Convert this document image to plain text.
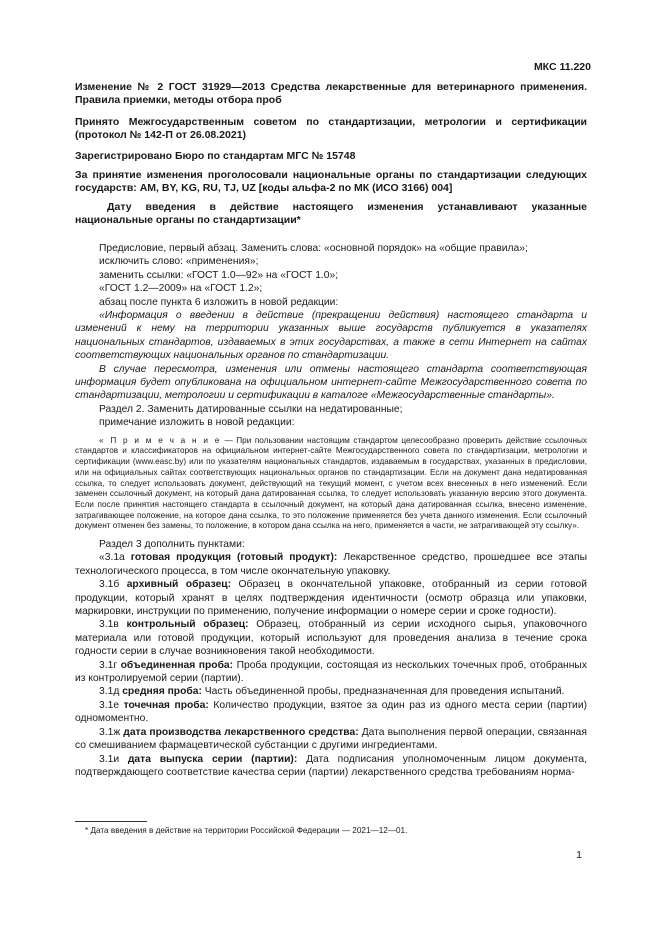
МКС 11.220

Изменение № 2 ГОСТ 31929—2013 Средства лекарственные для ветеринарного применения. Правила приемки, методы отбора проб

Принято Межгосударственным советом по стандартизации, метрологии и сертификации (протокол № 142-П от 26.08.2021)

Зарегистрировано Бюро по стандартам МГС № 15748

За принятие изменения проголосовали национальные органы по стандартизации следующих государств: AM, BY, KG, RU, TJ, UZ [коды альфа-2 по МК (ИСО 3166) 004]

Дату введения в действие настоящего изменения устанавливают указанные национальные органы по стандартизации*

Предисловие, первый абзац. Заменить слова: «основной порядок» на «общие правила»;

исключить слово: «применения»;

заменить ссылки: «ГОСТ 1.0—92» на «ГОСТ 1.0»;

«ГОСТ 1.2—2009» на «ГОСТ 1.2»;

абзац после пункта 6 изложить в новой редакции:

«Информация о введении в действие (прекращении действия) настоящего стандарта и изменений к нему на территории указанных выше государств публикуется в указателях национальных стандартов, издаваемых в этих государствах, а также в сети Интернет на сайтах соответствующих национальных органов по стандартизации.

В случае пересмотра, изменения или отмены настоящего стандарта соответствующая информация будет опубликована на официальном интернет-сайте Межгосударственного совета по стандартизации, метрологии и сертификации в каталоге «Межгосударственные стандарты».

Раздел 2. Заменить датированные ссылки на недатированные;

примечание изложить в новой редакции:

« П р и м е ч а н и е — При пользовании настоящим стандартом целесообразно проверить действие ссылочных стандартов и классификаторов на официальном интернет-сайте Межгосударственного совета по стандартизации, метрологии и сертификации (www.easc.by) или по указателям национальных стандартов, издаваемым в государствах, указанных в предисловии, или на официальных сайтах соответствующих национальных органов по стандартизации. Если на документ дана недатированная ссылка, то следует использовать документ, действующий на текущий момент, с учетом всех внесенных в него изменений. Если заменен ссылочный документ, на который дана датированная ссылка, то следует использовать указанную версию этого документа. Если после принятия настоящего стандарта в ссылочный документ, на который дана датированная ссылка, внесено изменение, затрагивающее положение, на которое дана ссылка, то это положение применяется без учета данного изменения. Если ссылочный документ отменен без замены, то положение, в котором дана ссылка на него, применяется в части, не затрагивающей эту ссылку».

Раздел 3 дополнить пунктами:

«3.1а готовая продукция (готовый продукт): Лекарственное средство, прошедшее все этапы технологического процесса, в том числе окончательную упаковку.

3.1б архивный образец: Образец в окончательной упаковке, отобранный из серии готовой продукции, который хранят в целях подтверждения идентичности (осмотр образца или упаковки, маркировки, инструкции по применению, получение информации о номере серии и сроке годности).

3.1в контрольный образец: Образец, отобранный из серии исходного сырья, упаковочного материала или готовой продукции, который используют для проведения анализа в течение срока годности серии в случае возникновения такой необходимости.

3.1г объединенная проба: Проба продукции, состоящая из нескольких точечных проб, отобранных из контролируемой серии (партии).

3.1д средняя проба: Часть объединенной пробы, предназначенная для проведения испытаний.

3.1е точечная проба: Количество продукции, взятое за один раз из одного места серии (партии) одномоментно.

3.1ж дата производства лекарственного средства: Дата выполнения первой операции, связанная со смешиванием фармацевтической субстанции с другими ингредиентами.

3.1и дата выпуска серии (партии): Дата подписания уполномоченным лицом документа, подтверждающего соответствие качества серии (партии) лекарственного средства требованиям норма-

* Дата введения в действие на территории Российской Федерации — 2021—12—01.
1
